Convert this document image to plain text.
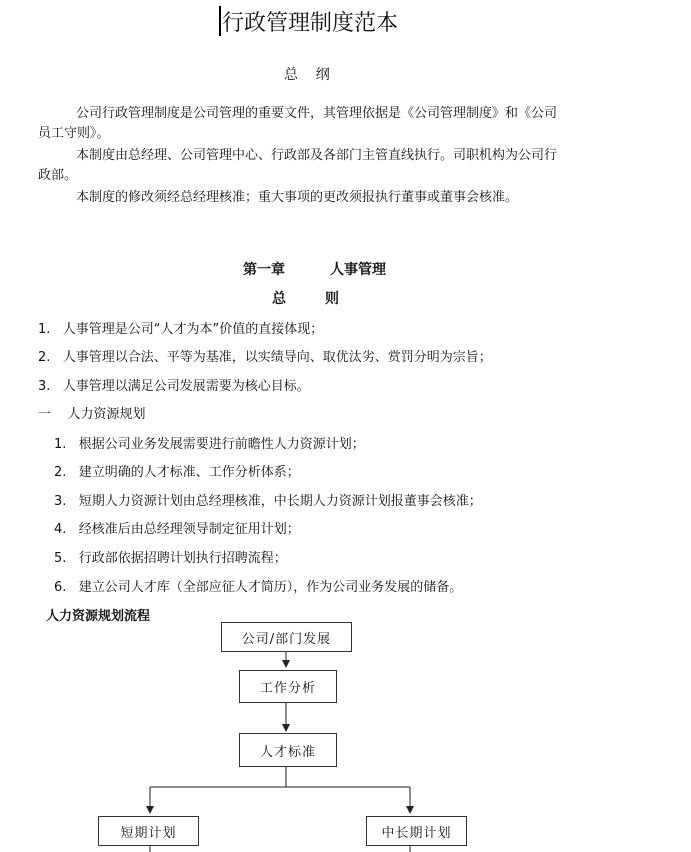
行政管理制度范本
总    纲
公司行政管理制度是公司管理的重要文件，其管理依据是《公司管理制度》和《公司
员工守则》。
本制度由总经理、公司管理中心、行政部及各部门主管直线执行。司职机构为公司行
政部。
本制度的修改须经总经理核准；重大事项的更改须报执行董事或董事会核准。
第一章	人事管理
总        则
1.   人事管理是公司“人才为本”价值的直接体现；
2.   人事管理以合法、平等为基准，以实绩导向、取优汰劣、赏罚分明为宗旨；
3.   人事管理以满足公司发展需要为核心目标。
一    人力资源规划
1.   根据公司业务发展需要进行前瞻性人力资源计划；
2.   建立明确的人才标准、工作分析体系；
3.   短期人力资源计划由总经理核准，中长期人力资源计划报董事会核准；
4.   经核准后由总经理领导制定征用计划；
5.   行政部依据招聘计划执行招聘流程；
6.   建立公司人才库（全部应征人才简历），作为公司业务发展的储备。
人力资源规划流程
公司/部门发展
工作分析
人才标准
短期计划	中长期计划
